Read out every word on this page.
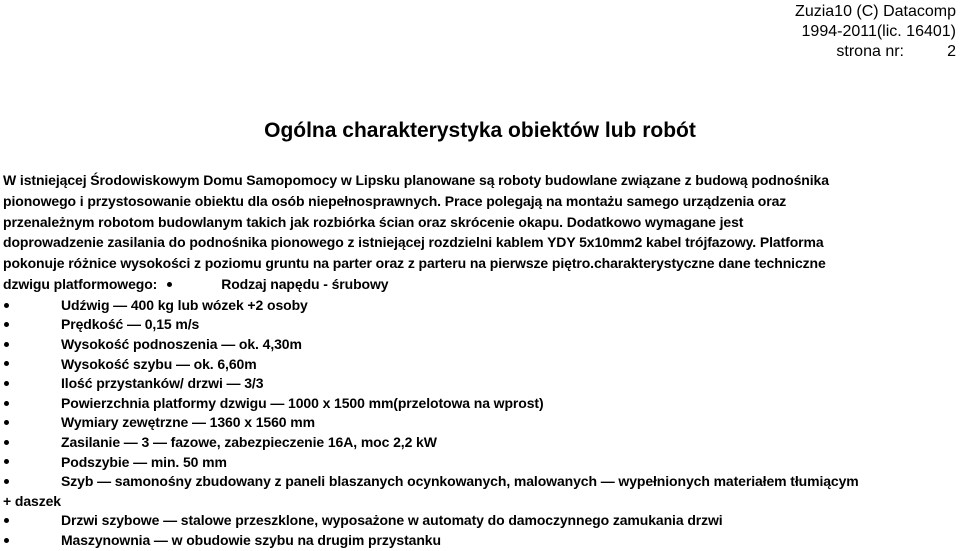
Zuzia10 (C) Datacomp
1994-2011(lic. 16401)
strona nr:	2
Ogólna charakterystyka obiektów lub robót
W istniejącej Środowiskowym Domu Samopomocy w Lipsku planowane są roboty budowlane związane z budową podnośnika
pionowego i przystosowanie obiektu dla osób niepełnosprawnych. Prace polegają na montażu samego urządzenia oraz
przenależnym robotom budowlanym takich jak rozbiórka ścian oraz skrócenie okapu. Dodatkowo wymagane jest
doprowadzenie zasilania do podnośnika pionowego z istniejącej rozdzielni kablem YDY 5x10mm2 kabel trójfazowy. Platforma
pokonuje różnice wysokości z poziomu gruntu na parter oraz z parteru na pierwsze piętro.charakterystyczne dane techniczne
dzwigu platformowego:	Rodzaj napędu - śrubowy
Udźwig — 400 kg lub wózek +2 osoby
Prędkość — 0,15 m/s
Wysokość podnoszenia — ok. 4,30m
Wysokość szybu — ok. 6,60m
Ilość przystanków/ drzwi — 3/3
Powierzchnia platformy dzwigu — 1000 x 1500 mm(przelotowa na wprost)
Wymiary zewętrzne — 1360 x 1560 mm
Zasilanie — 3 — fazowe, zabezpieczenie 16A, moc 2,2 kW
Podszybie — min. 50 mm
Szyb — samonośny zbudowany z paneli blaszanych ocynkowanych, malowanych — wypełnionych materiałem tłumiącym
+ daszek
Drzwi szybowe — stalowe przeszklone, wyposażone w automaty do damoczynnego zamukania drzwi
Maszynownia — w obudowie szybu na drugim przystanku
